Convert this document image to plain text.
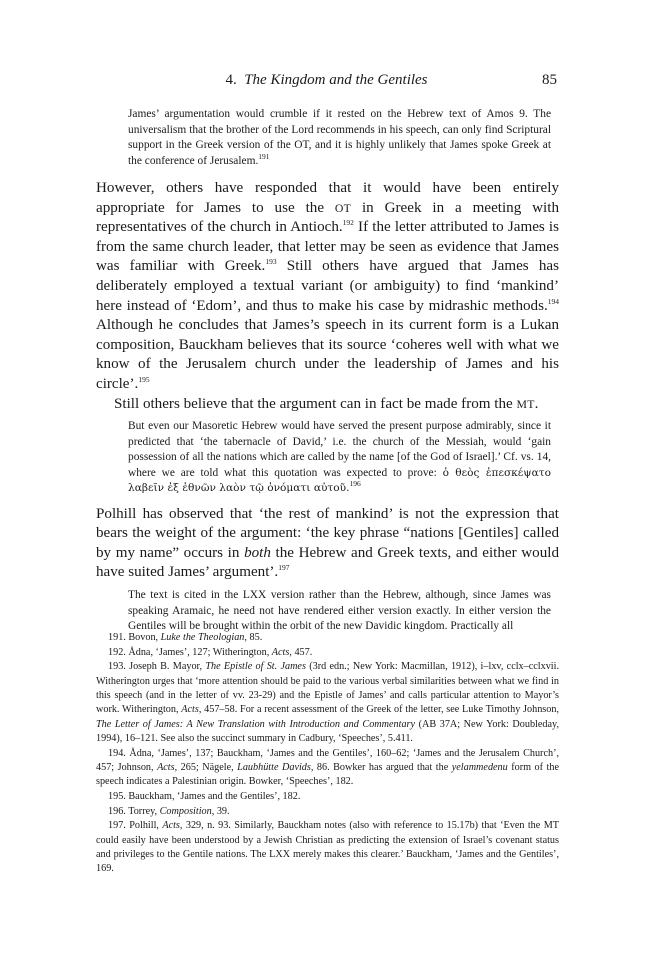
4. The Kingdom and the Gentiles	85

James’ argumentation would crumble if it rested on the Hebrew text of Amos 9. The universalism that the brother of the Lord recommends in his speech, can only find Scriptural support in the Greek version of the OT, and it is highly unlikely that James spoke Greek at the conference of Jerusalem.$^{191}$

However, others have responded that it would have been entirely appropriate for James to use the OT in Greek in a meeting with representatives of the church in Antioch.$^{192}$ If the letter attributed to James is from the same church leader, that letter may be seen as evidence that James was familiar with Greek.$^{193}$ Still others have argued that James has deliberately employed a textual variant (or ambiguity) to find ‘mankind’ here instead of ‘Edom’, and thus to make his case by midrashic methods.$^{194}$ Although he concludes that James’s speech in its current form is a Lukan composition, Bauckham believes that its source ‘coheres well with what we know of the Jerusalem church under the leadership of James and his circle’.$^{195}$

Still others believe that the argument can in fact be made from the MT.

But even our Masoretic Hebrew would have served the present purpose admirably, since it predicted that ‘the tabernacle of David,’ i.e. the church of the Messiah, would ‘gain possession of all the nations which are called by the name [of the God of Israel].’ Cf. vs. 14, where we are told what this quotation was expected to prove: ὁ θεὸς ἐπεσκέψατο λαβεῖν ἐξ ἐθνῶν λαὸν τῷ ὀνόματι αὐτοῦ.$^{196}$

Polhill has observed that ‘the rest of mankind’ is not the expression that bears the weight of the argument: ‘the key phrase “nations [Gentiles] called by my name” occurs in both the Hebrew and Greek texts, and either would have suited James’ argument’.$^{197}$

The text is cited in the LXX version rather than the Hebrew, although, since James was speaking Aramaic, he need not have rendered either version exactly. In either version the Gentiles will be brought within the orbit of the new Davidic kingdom. Practically all

191. Bovon, Luke the Theologian, 85.

192. Ådna, ‘James’, 127; Witherington, Acts, 457.

193. Joseph B. Mayor, The Epistle of St. James (3rd edn.; New York: Macmillan, 1912), i–lxv, cclx–cclxvii. Witherington urges that ‘more attention should be paid to the various verbal similarities between what we find in this speech (and in the letter of vv. 23-29) and the Epistle of James’ and calls particular attention to Mayor’s work. Witherington, Acts, 457–58. For a recent assessment of the Greek of the letter, see Luke Timothy Johnson, The Letter of James: A New Translation with Introduction and Commentary (AB 37A; New York: Doubleday, 1994), 16–121. See also the succinct summary in Cadbury, ‘Speeches’, 5.411.

194. Ådna, ‘James’, 137; Bauckham, ‘James and the Gentiles’, 160–62; ‘James and the Jerusalem Church’, 457; Johnson, Acts, 265; Nägele, Laubhütte Davids, 86. Bowker has argued that the yelammedenu form of the speech indicates a Palestinian origin. Bowker, ‘Speeches’, 182.

195. Bauckham, ‘James and the Gentiles’, 182.

196. Torrey, Composition, 39.

197. Polhill, Acts, 329, n. 93. Similarly, Bauckham notes (also with reference to 15.17b) that ‘Even the MT could easily have been understood by a Jewish Christian as predicting the extension of Israel’s covenant status and privileges to the Gentile nations. The LXX merely makes this clearer.’ Bauckham, ‘James and the Gentiles’, 169.
